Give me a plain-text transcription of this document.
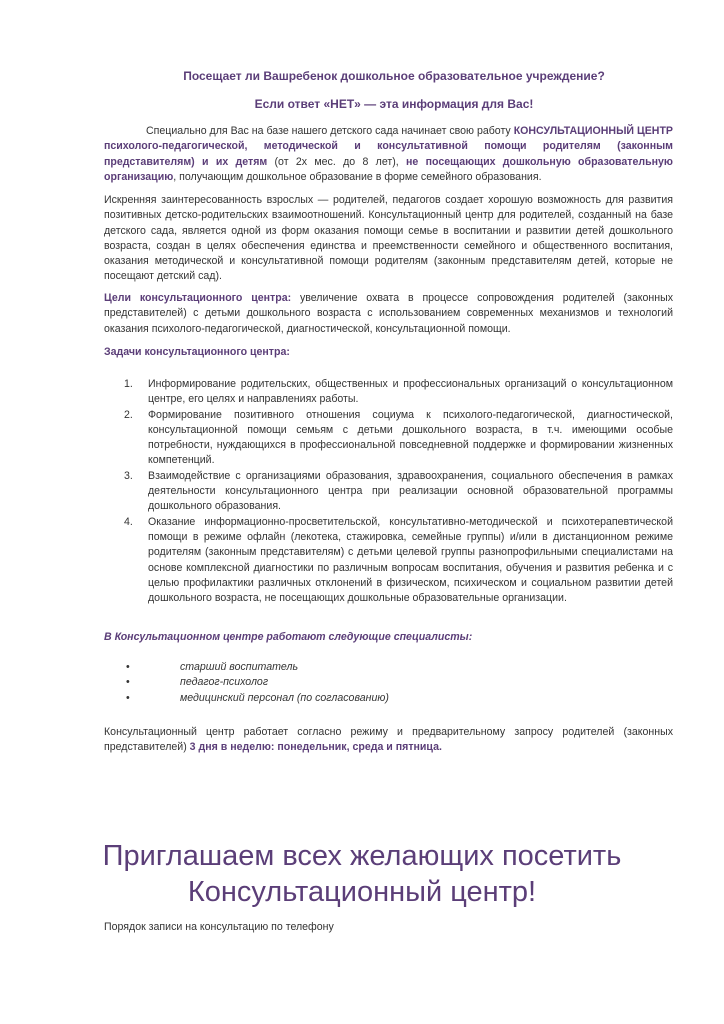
Посещает ли Вашребенок дошкольное образовательное учреждение?
Если ответ «НЕТ» — эта информация для Вас!
Специально для Вас на базе нашего детского сада начинает свою работу КОНСУЛЬТАЦИОННЫЙ ЦЕНТР психолого-педагогической, методической и консультативной помощи родителям (законным представителям) и их детям (от 2х мес. до 8 лет), не посещающих дошкольную образовательную организацию, получающим дошкольное образование в форме семейного образования.
Искренняя заинтересованность взрослых — родителей, педагогов создает хорошую возможность для развития позитивных детско-родительских взаимоотношений. Консультационный центр для родителей, созданный на базе детского сада, является одной из форм оказания помощи семье в воспитании и развитии детей дошкольного возраста, создан в целях обеспечения единства и преемственности семейного и общественного воспитания, оказания методической и консультативной помощи родителям (законным представителям детей, которые не посещают детский сад).
Цели консультационного центра: увеличение охвата в процессе сопровождения родителей (законных представителей) с детьми дошкольного возраста с использованием современных механизмов и технологий оказания психолого-педагогической, диагностической, консультационной помощи.
Задачи консультационного центра:
1. Информирование родительских, общественных и профессиональных организаций о консультационном центре, его целях и направлениях работы.
2. Формирование позитивного отношения социума к психолого-педагогической, диагностической, консультационной помощи семьям с детьми дошкольного возраста, в т.ч. имеющими особые потребности, нуждающихся в профессиональной повседневной поддержке и формировании жизненных компетенций.
3. Взаимодействие с организациями образования, здравоохранения, социального обеспечения в рамках деятельности консультационного центра при реализации основной образовательной программы дошкольного образования.
4. Оказание информационно-просветительской, консультативно-методической и психотерапевтической помощи в режиме офлайн (лекотека, стажировка, семейные группы) и/или в дистанционном режиме родителям (законным представителям) с детьми целевой группы разнопрофильными специалистами на основе комплексной диагностики по различным вопросам воспитания, обучения и развития ребенка и с целью профилактики различных отклонений в физическом, психическом и социальном развитии детей дошкольного возраста, не посещающих дошкольные образовательные организации.
В Консультационном центре работают следующие специалисты:
•	старший воспитатель
•	педагог-психолог
•	медицинский персонал (по согласованию)
Консультационный центр работает согласно режиму и предварительному запросу родителей (законных представителей) 3 дня в неделю: понедельник, среда и пятница.
Приглашаем всех желающих посетить
Консультационный центр!
Порядок записи на консультацию по телефону
